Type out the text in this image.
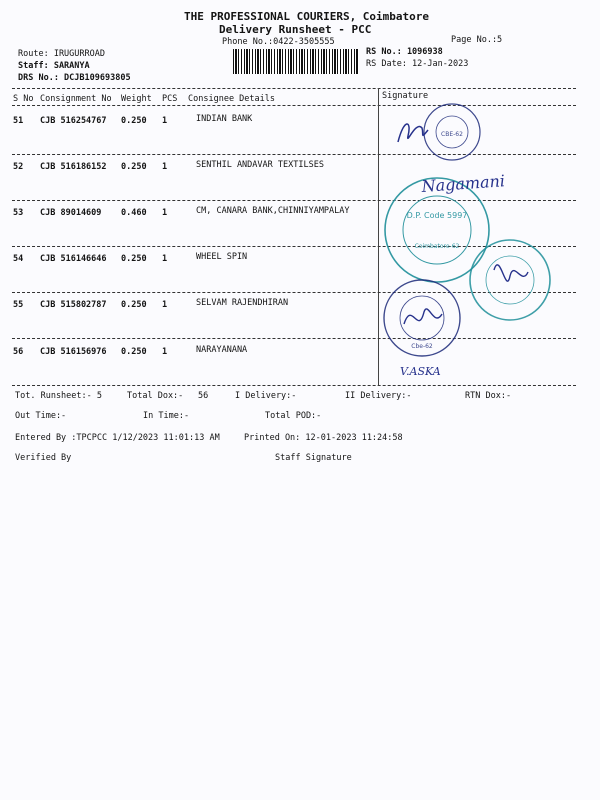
THE PROFESSIONAL COURIERS, Coimbatore
Delivery Runsheet - PCC
Phone No.:0422-3505555	Page No.:5
Route: IRUGURROAD
Staff: SARANYA
DRS No.: DCJB109693805
RS No.: 1096938
RS Date: 12-Jan-2023
S No Consignment No Weight PCS Consignee Details	Signature
51 CJB 516254767 0.250 1	INDIAN BANK
52 CJB 516186152 0.250 1	SENTHIL ANDAVAR TEXTILSES
53 CJB 89014609 0.460 1	CM, CANARA BANK,CHINNIYAMPALAY
54 CJB 516146646 0.250 1	WHEEL SPIN
55 CJB 515802787 0.250 1	SELVAM RAJENDHIRAN
56 CJB 516156976 0.250 1	NARAYANANA
CBE-62
D.P. Code 5997
Coimbatore-62
Nagamani
Cbe-62
V.ASKA
Tot. Runsheet:- 5	Total Dox:- 56	I Delivery:-	II Delivery:-	RTN Dox:-
Out Time:-	In Time:-	Total POD:-
Entered By :TPCPCC 1/12/2023 11:01:13 AM	Printed On: 12-01-2023 11:24:58
Verified By	Staff Signature
